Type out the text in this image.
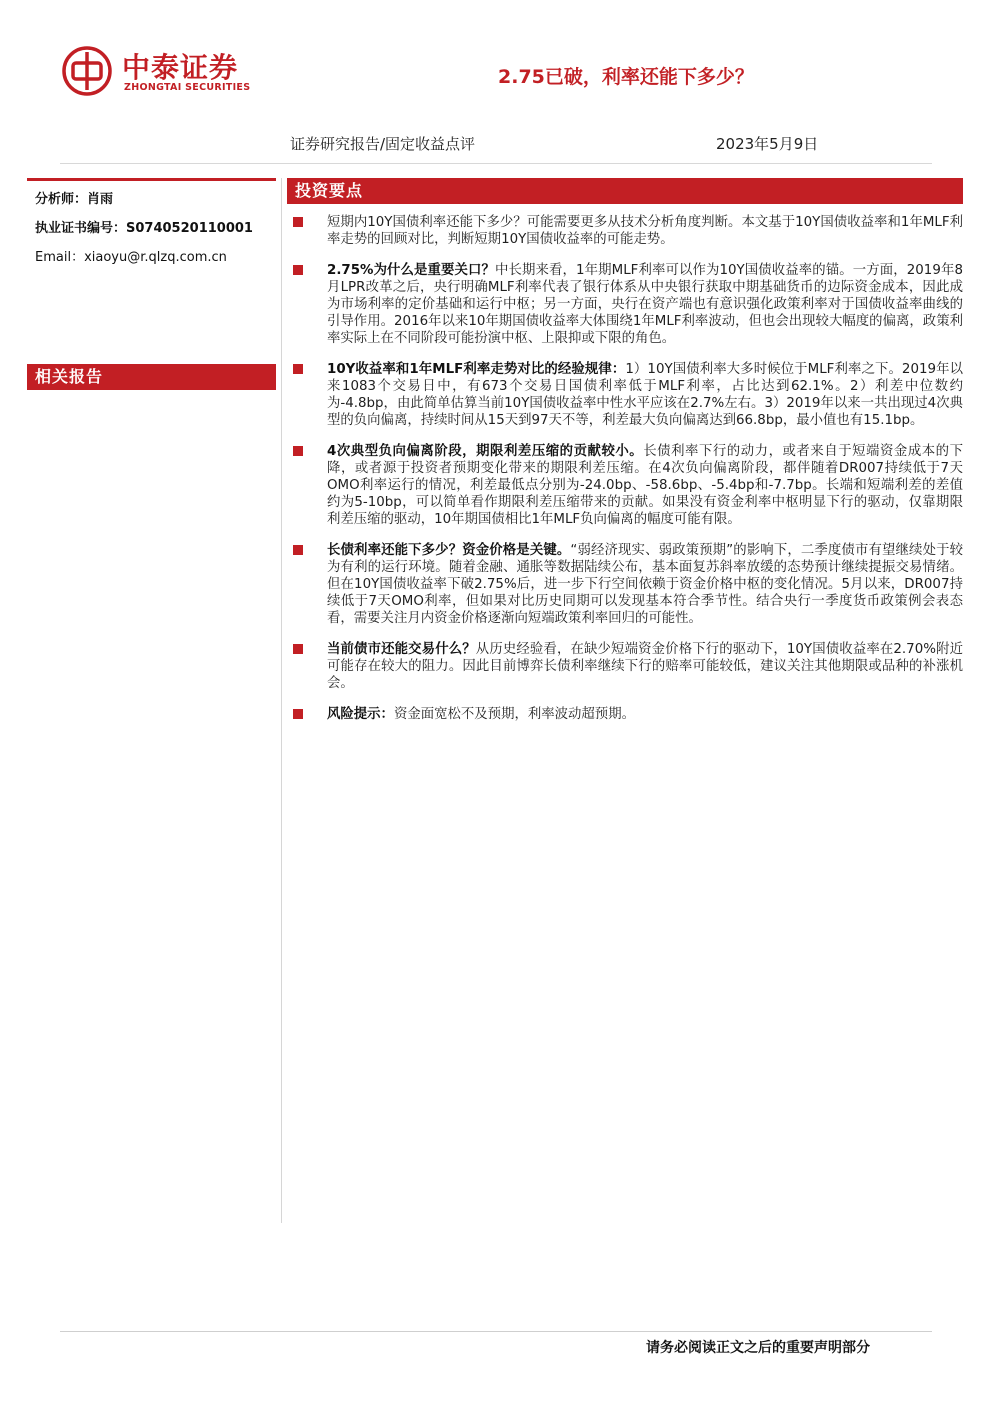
中泰证券
ZHONGTAI SECURITIES	2.75已破，利率还能下多少？
证券研究报告/固定收益点评	2023年5月9日
分析师：肖雨
执业证书编号：S0740520110001
Email：xiaoyu@r.qlzq.com.cn
相关报告
投资要点
短期内10Y国债利率还能下多少？可能需要更多从技术分析角度判断。本文基于10Y国债收益率和1年MLF利率走势的回顾对比，判断短期10Y国债收益率的可能走势。
2.75%为什么是重要关口？中长期来看，1年期MLF利率可以作为10Y国债收益率的锚。一方面，2019年8月LPR改革之后，央行明确MLF利率代表了银行体系从中央银行获取中期基础货币的边际资金成本，因此成为市场利率的定价基础和运行中枢；另一方面，央行在资产端也有意识强化政策利率对于国债收益率曲线的引导作用。2016年以来10年期国债收益率大体围绕1年MLF利率波动，但也会出现较大幅度的偏离，政策利率实际上在不同阶段可能扮演中枢、上限抑或下限的角色。
10Y收益率和1年MLF利率走势对比的经验规律：1）10Y国债利率大多时候位于MLF利率之下。2019年以来1083个交易日中，有673个交易日国债利率低于MLF利率，占比达到62.1%。2）利差中位数约为-4.8bp，由此简单估算当前10Y国债收益率中性水平应该在2.7%左右。3）2019年以来一共出现过4次典型的负向偏离，持续时间从15天到97天不等，利差最大负向偏离达到66.8bp，最小值也有15.1bp。
4次典型负向偏离阶段，期限利差压缩的贡献较小。长债利率下行的动力，或者来自于短端资金成本的下降，或者源于投资者预期变化带来的期限利差压缩。在4次负向偏离阶段，都伴随着DR007持续低于7天OMO利率运行的情况，利差最低点分别为-24.0bp、-58.6bp、-5.4bp和-7.7bp。长端和短端利差的差值约为5-10bp，可以简单看作期限利差压缩带来的贡献。如果没有资金利率中枢明显下行的驱动，仅靠期限利差压缩的驱动，10年期国债相比1年MLF负向偏离的幅度可能有限。
长债利率还能下多少？资金价格是关键。“弱经济现实、弱政策预期”的影响下，二季度债市有望继续处于较为有利的运行环境。随着金融、通胀等数据陆续公布，基本面复苏斜率放缓的态势预计继续提振交易情绪。但在10Y国债收益率下破2.75%后，进一步下行空间依赖于资金价格中枢的变化情况。5月以来，DR007持续低于7天OMO利率，但如果对比历史同期可以发现基本符合季节性。结合央行一季度货币政策例会表态看，需要关注月内资金价格逐渐向短端政策利率回归的可能性。
当前债市还能交易什么？从历史经验看，在缺少短端资金价格下行的驱动下，10Y国债收益率在2.70%附近可能存在较大的阻力。因此目前博弈长债利率继续下行的赔率可能较低，建议关注其他期限或品种的补涨机会。
风险提示：资金面宽松不及预期，利率波动超预期。
请务必阅读正文之后的重要声明部分
